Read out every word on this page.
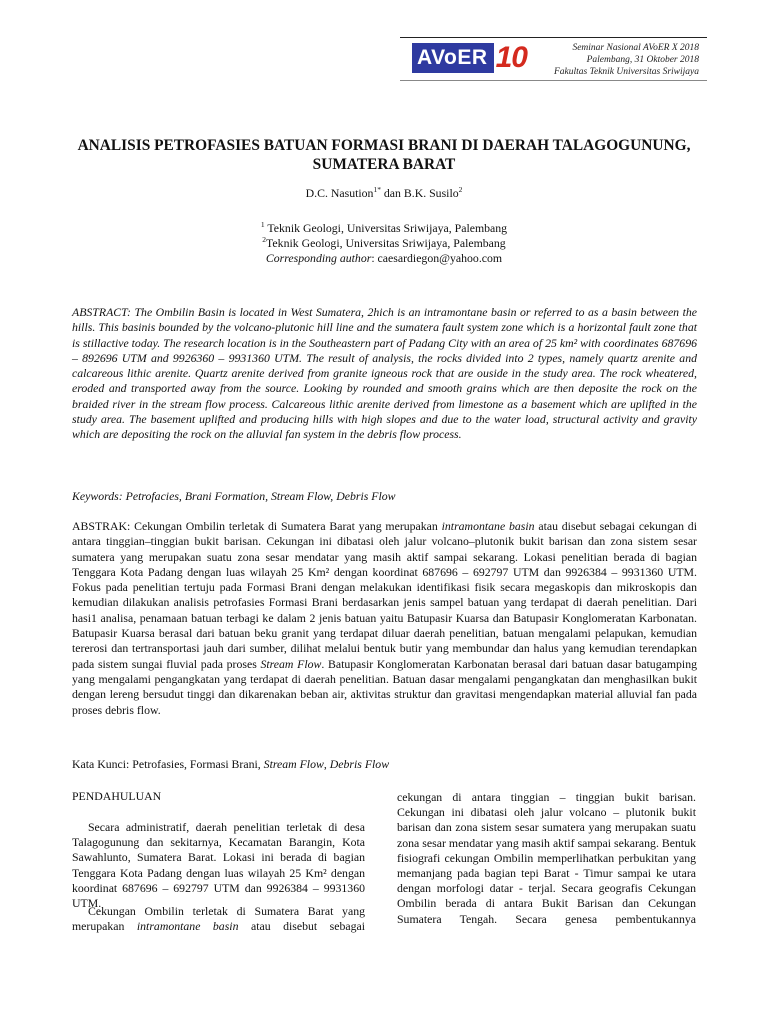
AVoER 10	Seminar Nasional AVoER X 2018
Palembang, 31 Oktober 2018
Fakultas Teknik Universitas Sriwijaya
ANALISIS PETROFASIES BATUAN FORMASI BRANI DI DAERAH TALAGOGUNUNG,
SUMATERA BARAT
D.C. Nasution$^{1*}$ dan B.K. Susilo$^2$
$^1$ Teknik Geologi, Universitas Sriwijaya, Palembang
$^2$Teknik Geologi, Universitas Sriwijaya, Palembang
Corresponding author: caesardiegon@yahoo.com
ABSTRACT: The Ombilin Basin is located in West Sumatera, 2hich is an intramontane basin or referred to as a basin between the hills. This basinis bounded by the volcano-plutonic hill line and the sumatera fault system zone which is a horizontal fault zone that is stillactive today. The research location is in the Southeastern part of Padang City with an area of 25 km² with coordinates 687696 – 892696 UTM and 9926360 – 9931360 UTM. The result of analysis, the rocks divided into 2 types, namely quartz arenite and calcareous lithic arenite. Quartz arenite derived from granite igneous rock that are ouside in the study area. The rock wheatered, eroded and transported away from the source. Looking by rounded and smooth grains which are then deposite the rock on the braided river in the stream flow process. Calcareous lithic arenite derived from limestone as a basement which are uplifted in the study area. The basement uplifted and producing hills with high slopes and due to the water load, structural activity and gravity which are depositing the rock on the alluvial fan system in the debris flow process.
Keywords: Petrofacies, Brani Formation, Stream Flow, Debris Flow
ABSTRAK: Cekungan Ombilin terletak di Sumatera Barat yang merupakan intramontane basin atau disebut sebagai cekungan di antara tinggian–tinggian bukit barisan. Cekungan ini dibatasi oleh jalur volcano–plutonik bukit barisan dan zona sistem sesar sumatera yang merupakan suatu zona sesar mendatar yang masih aktif sampai sekarang. Lokasi penelitian berada di bagian Tenggara Kota Padang dengan luas wilayah 25 Km² dengan koordinat 687696 – 692797 UTM dan 9926384 – 9931360 UTM. Fokus pada penelitian tertuju pada Formasi Brani dengan melakukan identifikasi fisik secara megaskopis dan mikroskopis dan kemudian dilakukan analisis petrofasies Formasi Brani berdasarkan jenis sampel batuan yang terdapat di daerah penelitian. Dari hasi1 analisa, penamaan batuan terbagi ke dalam 2 jenis batuan yaitu Batupasir Kuarsa dan Batupasir Konglomeratan Karbonatan. Batupasir Kuarsa berasal dari batuan beku granit yang terdapat diluar daerah penelitian, batuan mengalami pelapukan, kemudian tererosi dan tertransportasi jauh dari sumber, dilihat melalui bentuk butir yang membundar dan halus yang kemudian terendapkan pada sistem sungai fluvial pada proses Stream Flow. Batupasir Konglomeratan Karbonatan berasal dari batuan dasar batugamping yang mengalami pengangkatan yang terdapat di daerah penelitian. Batuan dasar mengalami pengangkatan dan menghasilkan bukit dengan lereng bersudut tinggi dan dikarenakan beban air, aktivitas struktur dan gravitasi mengendapkan material alluvial fan pada proses debris flow.
Kata Kunci: Petrofasies, Formasi Brani, Stream Flow, Debris Flow
PENDAHULUAN
Secara administratif, daerah penelitian terletak di desa Talagogunung dan sekitarnya, Kecamatan Barangin, Kota Sawahlunto, Sumatera Barat. Lokasi ini berada di bagian Tenggara Kota Padang dengan luas wilayah 25 Km² dengan koordinat 687696 – 692797 UTM dan 9926384 – 9931360 UTM.
Cekungan Ombilin terletak di Sumatera Barat yang merupakan intramontane basin atau disebut sebagai
cekungan di antara tinggian – tinggian bukit barisan. Cekungan ini dibatasi oleh jalur volcano – plutonik bukit barisan dan zona sistem sesar sumatera yang merupakan suatu zona sesar mendatar yang masih aktif sampai sekarang. Bentuk fisiografi cekungan Ombilin memperlihatkan perbukitan yang memanjang pada bagian tepi Barat - Timur sampai ke utara dengan morfologi datar - terjal. Secara geografis Cekungan Ombilin berada di antara Bukit Barisan dan Cekungan Sumatera Tengah. Secara genesa pembentukannya
